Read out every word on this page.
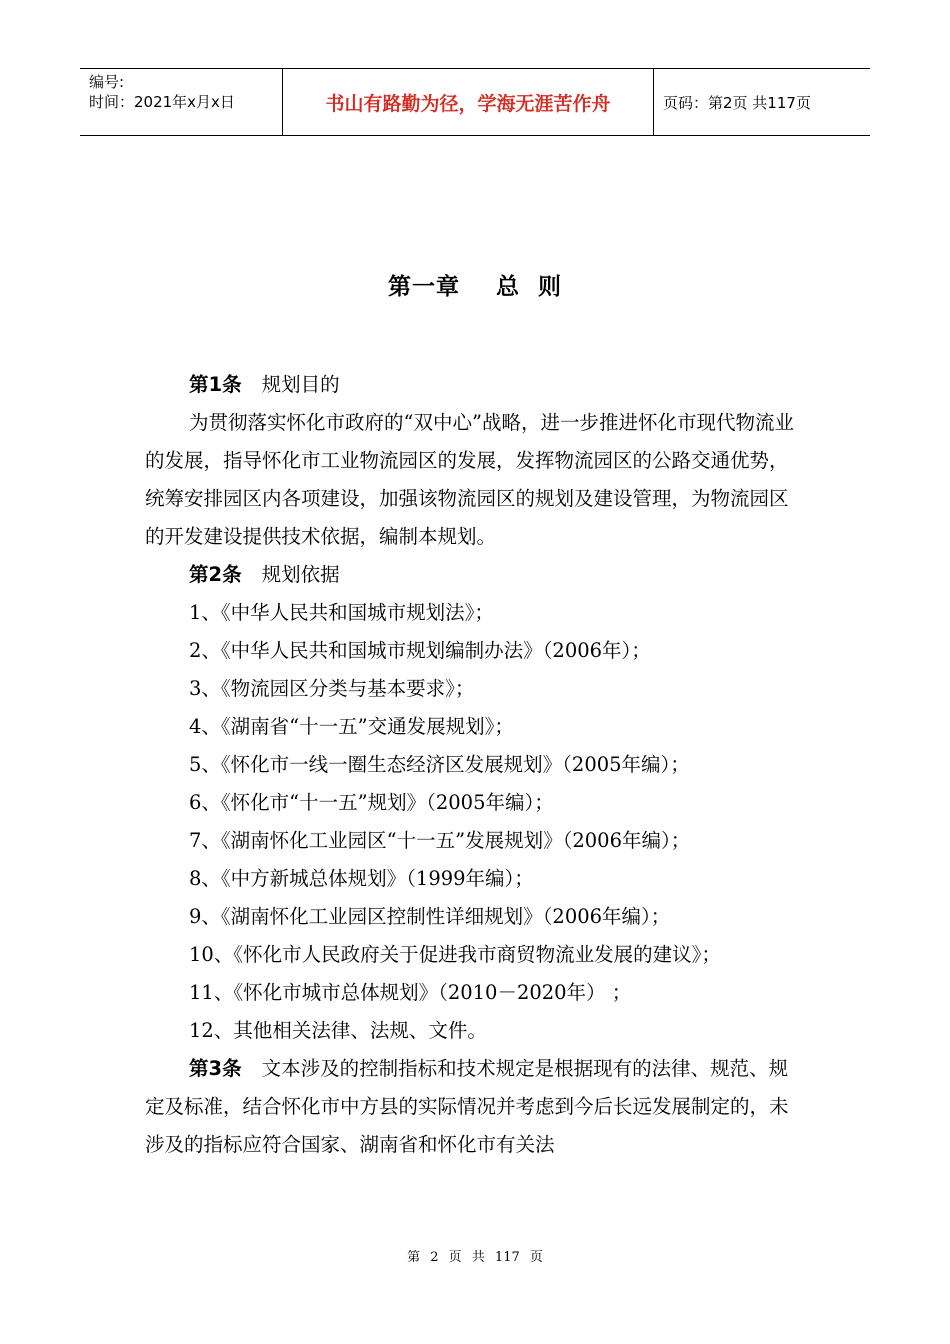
编号:
时间：2021年x月x日	书山有路勤为径，学海无涯苦作舟	页码：第2页 共117页
第一章    总  则

第1条 规划目的

为贯彻落实怀化市政府的“双中心”战略，进一步推进怀化市现代物流业的发展，指导怀化市工业物流园区的发展，发挥物流园区的公路交通优势，统筹安排园区内各项建设，加强该物流园区的规划及建设管理，为物流园区的开发建设提供技术依据，编制本规划。

第2条 规划依据

1、《中华人民共和国城市规划法》；

2、《中华人民共和国城市规划编制办法》（2006年）；

3、《物流园区分类与基本要求》；

4、《湖南省“十一五”交通发展规划》；

5、《怀化市一线一圈生态经济区发展规划》（2005年编）；

6、《怀化市“十一五”规划》（2005年编）；

7、《湖南怀化工业园区“十一五”发展规划》（2006年编）；

8、《中方新城总体规划》（1999年编）；

9、《湖南怀化工业园区控制性详细规划》（2006年编）；

10、《怀化市人民政府关于促进我市商贸物流业发展的建议》；

11、《怀化市城市总体规划》（2010－2020年） ；

12、其他相关法律、法规、文件。

第3条 文本涉及的控制指标和技术规定是根据现有的法律、规范、规定及标准，结合怀化市中方县的实际情况并考虑到今后长远发展制定的，未涉及的指标应符合国家、湖南省和怀化市有关法

第 2 页 共 117 页
